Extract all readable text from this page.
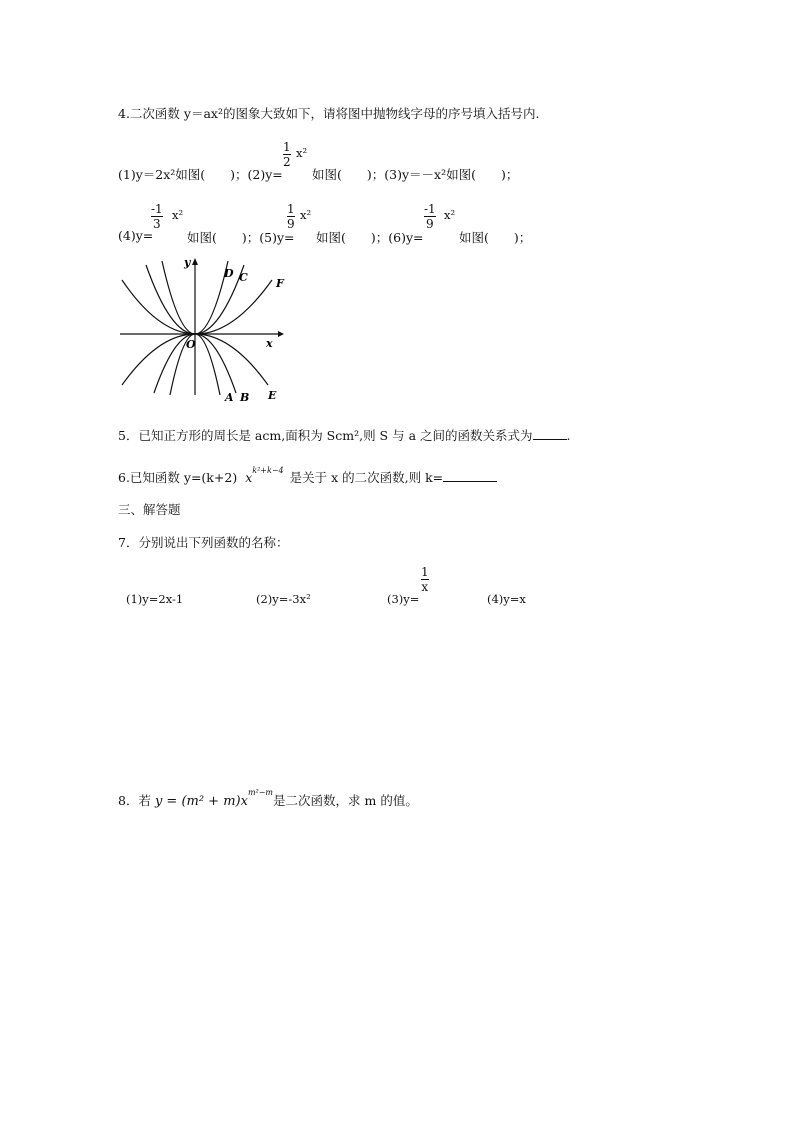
4.二次函数 y＝ax²的图象大致如下，请将图中抛物线字母的序号填入括号内.
(1)y＝2x²如图(　　)；(2)y=
1
2
x²
如图(　　)；(3)y＝－x²如图(　　)；
(4)y=
-1
3
x²
如图(　　)；(5)y=
1
9
x²
如图(　　)；(6)y=
-1
9
x²
如图(　　)；
y
x
O
A B
C
D
E
F
5．已知正方形的周长是 acm,面积为 Scm²,则 S 与 a 之间的函数关系式为	.
6.已知函数 y=(k+2) $x^{k^2+k-4}$ 是关于 x 的二次函数,则 k=
三、解答题
7．分别说出下列函数的名称：
(1)y=2x-1	(2)y=-3x²	(3)y=
1
x
(4)y=x
8．若 $y = (m^2 + m)x^{m^2-m}$是二次函数，求 m 的值。
